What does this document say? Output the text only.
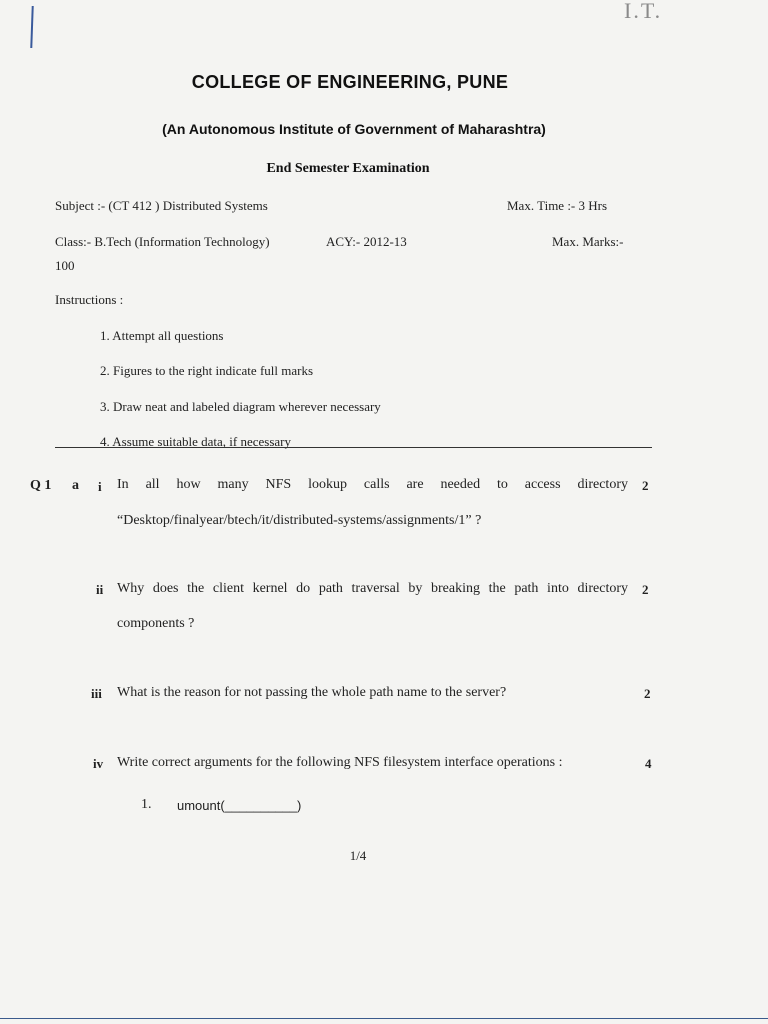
I.T.
COLLEGE OF ENGINEERING, PUNE
(An Autonomous Institute of Government of Maharashtra)
End Semester Examination
Subject :- (CT 412 ) Distributed Systems	Max. Time :- 3 Hrs
Class:- B.Tech (Information Technology)	ACY:- 2012-13	Max. Marks:-
100
Instructions :
1. Attempt all questions
2. Figures to the right indicate full marks
3. Draw neat and labeled diagram wherever necessary
4. Assume suitable data, if necessary
Q 1 a i In all how many NFS lookup calls are needed to access directory 2
“Desktop/finalyear/btech/it/distributed-systems/assignments/1” ?
ii Why does the client kernel do path traversal by breaking the path into directory 2
components ?
iii What is the reason for not passing the whole path name to the server?	2
iv Write correct arguments for the following NFS filesystem interface operations :	4
1. umount(__________)
1/4
